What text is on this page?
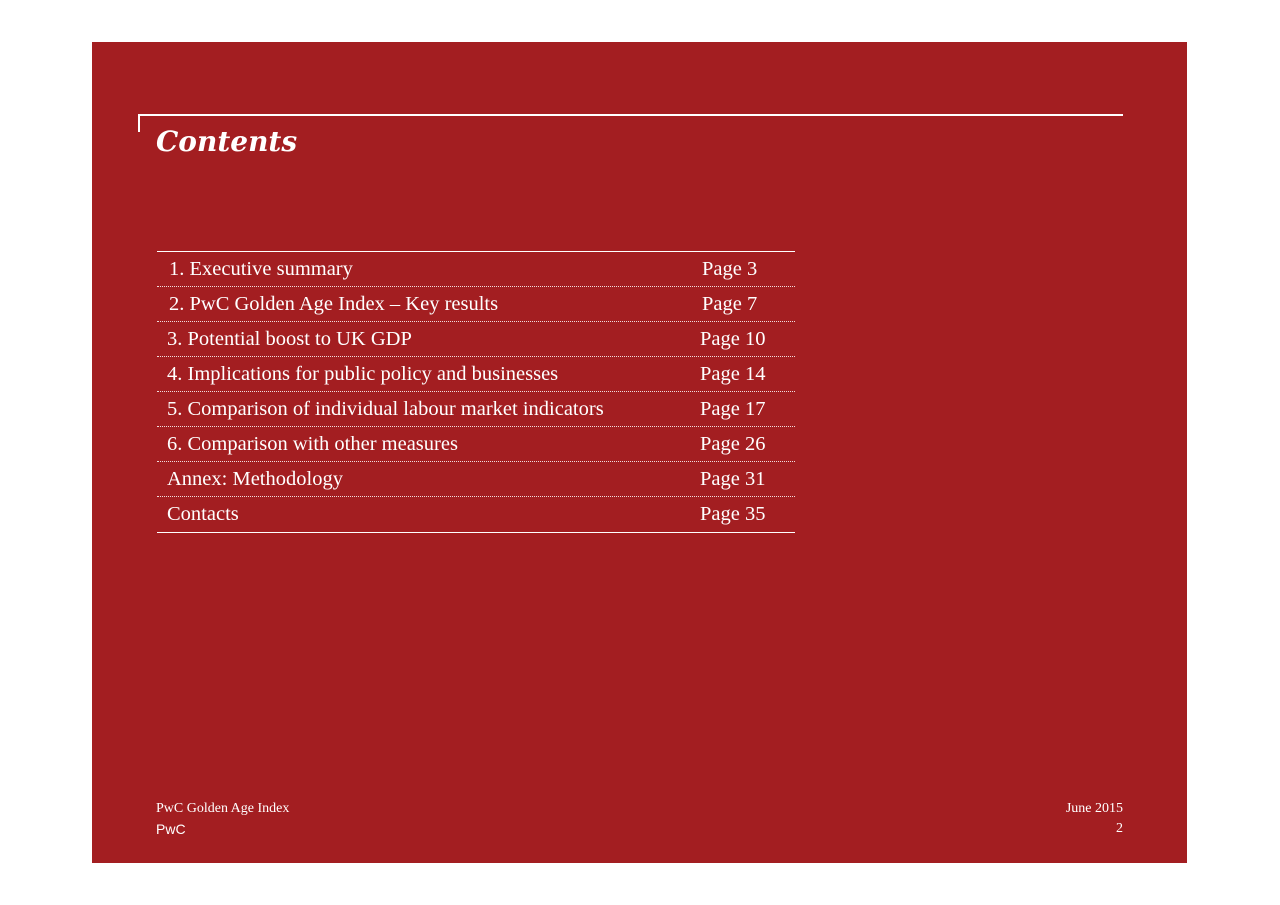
Contents
1. Executive summary	Page 3
2. PwC Golden Age Index – Key results	Page 7
3. Potential boost to UK GDP	Page 10
4. Implications for public policy and businesses	Page 14
5. Comparison of individual labour market indicators	Page 17
6. Comparison with other measures	Page 26
Annex: Methodology	Page 31
Contacts	Page 35
PwC Golden Age Index
PwC
June 2015
2
